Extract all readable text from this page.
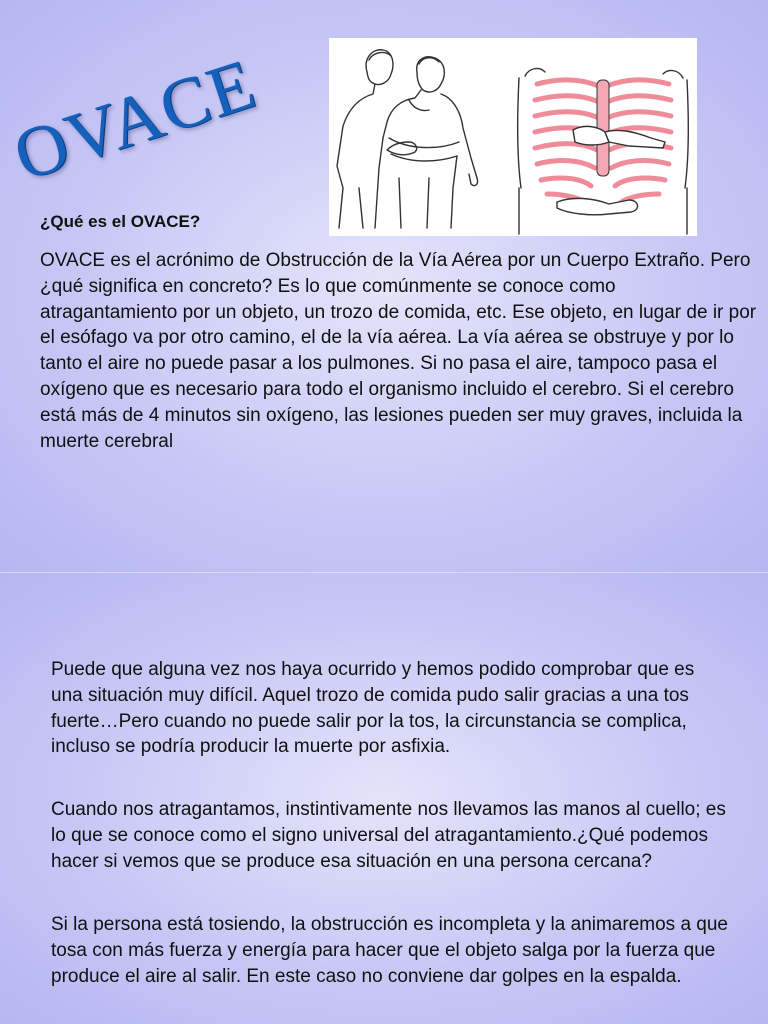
OVACE

¿Qué es el OVACE?

OVACE es el acrónimo de Obstrucción de la Vía Aérea por un Cuerpo Extraño. Pero ¿qué significa en concreto? Es lo que comúnmente se conoce como atragantamiento por un objeto, un trozo de comida, etc. Ese objeto, en lugar de ir por el esófago va por otro camino, el de la vía aérea. La vía aérea se obstruye y por lo tanto el aire no puede pasar a los pulmones. Si no pasa el aire, tampoco pasa el oxígeno que es necesario para todo el organismo incluido el cerebro. Si el cerebro está más de 4 minutos sin oxígeno, las lesiones pueden ser muy graves, incluida la muerte cerebral

Puede que alguna vez nos haya ocurrido y hemos podido comprobar que es una situación muy difícil. Aquel trozo de comida pudo salir gracias a una tos fuerte…Pero cuando no puede salir por la tos, la circunstancia se complica, incluso se podría producir la muerte por asfixia.

Cuando nos atragantamos, instintivamente nos llevamos las manos al cuello; es lo que se conoce como el signo universal del atragantamiento.¿Qué podemos hacer si vemos que se produce esa situación en una persona cercana?

Si la persona está tosiendo, la obstrucción es incompleta y la animaremos a que tosa con más fuerza y energía para hacer que el objeto salga por la fuerza que produce el aire al salir. En este caso no conviene dar golpes en la espalda.
